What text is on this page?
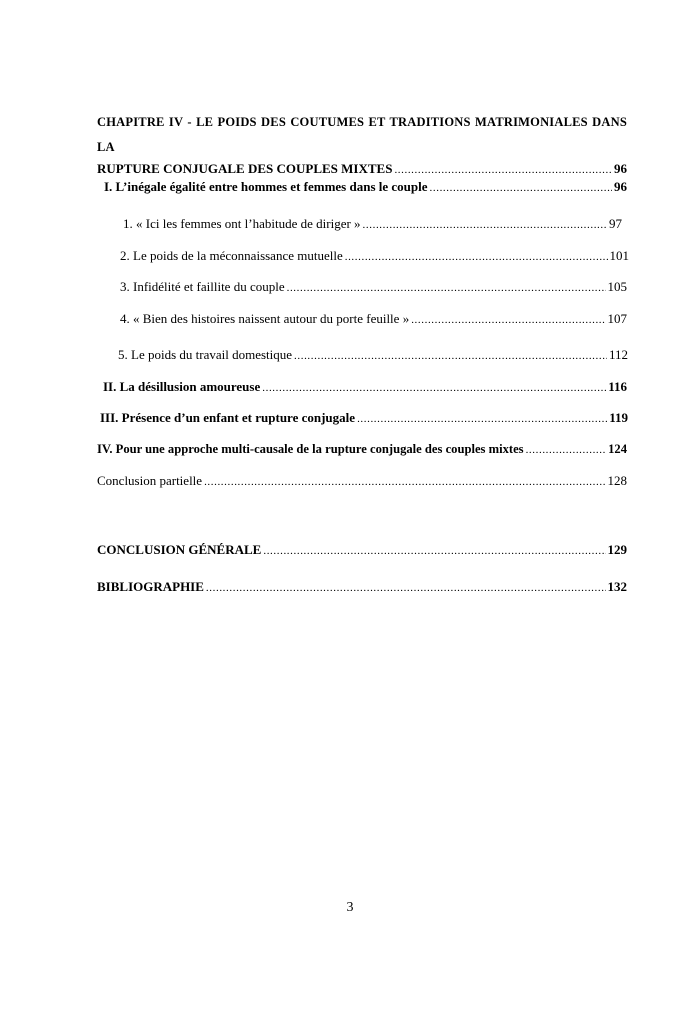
CHAPITRE IV - LE POIDS DES COUTUMES ET TRADITIONS MATRIMONIALES DANS LA
RUPTURE CONJUGALE DES COUPLES MIXTES .....	96
I. L’inégale égalité entre hommes et femmes dans le couple .....	96
1. « Ici les femmes ont l’habitude de diriger » .....	97
2. Le poids de la méconnaissance mutuelle .....	101
3. Infidélité et faillite du couple .....	105
4. « Bien des histoires naissent autour du porte feuille » .....	107
5. Le poids du travail domestique .....	112
II. La désillusion amoureuse .....	116
III. Présence d’un enfant et rupture conjugale .....	119
IV. Pour une approche multi-causale de la rupture conjugale des couples mixtes .....	124
Conclusion partielle .....	128
CONCLUSION GÉNÉRALE .....	129
BIBLIOGRAPHIE .....	132
3
